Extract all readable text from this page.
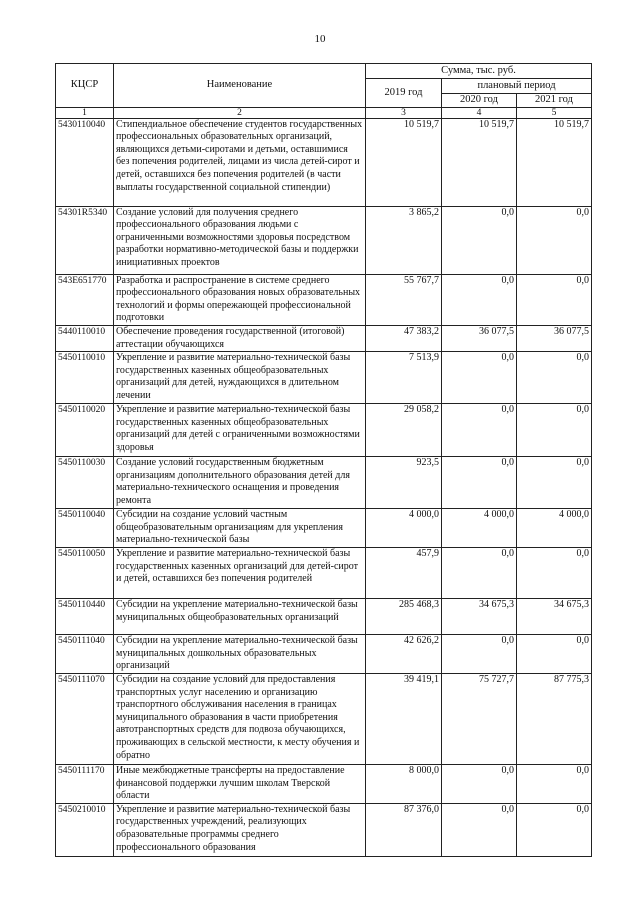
10
КЦСР	Наименование	Сумма, тыс. руб.		
		2019 год	плановый период	
			2020 год	2021 год
1	2	3	4	5
5430110040	Стипендиальное обеспечение студентов государственных профессиональных образовательных организаций, являющихся детьми-сиротами и детьми, оставшимися без попечения родителей, лицами из числа детей-сирот и детей, оставшихся без попечения родителей (в части выплаты государственной социальной стипендии)	10 519,7	10 519,7	10 519,7
54301R5340	Создание условий для получения среднего профессионального образования людьми с ограниченными возможностями здоровья посредством разработки нормативно-методической базы и поддержки инициативных проектов	3 865,2	0,0	0,0
543E651770	Разработка и распространение в системе среднего профессионального образования новых образовательных технологий и формы опережающей профессиональной подготовки	55 767,7	0,0	0,0
5440110010	Обеспечение проведения государственной (итоговой) аттестации обучающихся	47 383,2	36 077,5	36 077,5
5450110010	Укрепление и развитие материально-технической базы государственных казенных общеобразовательных организаций для детей, нуждающихся в длительном лечении	7 513,9	0,0	0,0
5450110020	Укрепление и развитие материально-технической базы государственных казенных общеобразовательных организаций для детей с ограниченными возможностями здоровья	29 058,2	0,0	0,0
5450110030	Создание условий государственным бюджетным организациям дополнительного образования детей для материально-технического оснащения и проведения ремонта	923,5	0,0	0,0
5450110040	Субсидии на создание условий частным общеобразовательным организациям для укрепления материально-технической базы	4 000,0	4 000,0	4 000,0
5450110050	Укрепление и развитие материально-технической базы государственных казенных организаций для детей-сирот и детей, оставшихся без попечения родителей	457,9	0,0	0,0
5450110440	Субсидии на укрепление материально-технической базы муниципальных общеобразовательных организаций	285 468,3	34 675,3	34 675,3
5450111040	Субсидии на укрепление материально-технической базы муниципальных дошкольных образовательных организаций	42 626,2	0,0	0,0
5450111070	Субсидии на создание условий для предоставления транспортных услуг населению и организацию транспортного обслуживания населения в границах муниципального образования в части приобретения автотранспортных средств для подвоза обучающихся, проживающих в сельской местности, к месту обучения и обратно	39 419,1	75 727,7	87 775,3
5450111170	Иные межбюджетные трансферты на предоставление финансовой поддержки лучшим школам Тверской области	8 000,0	0,0	0,0
5450210010	Укрепление и развитие материально-технической базы государственных учреждений, реализующих образовательные программы среднего профессионального образования	87 376,0	0,0	0,0
